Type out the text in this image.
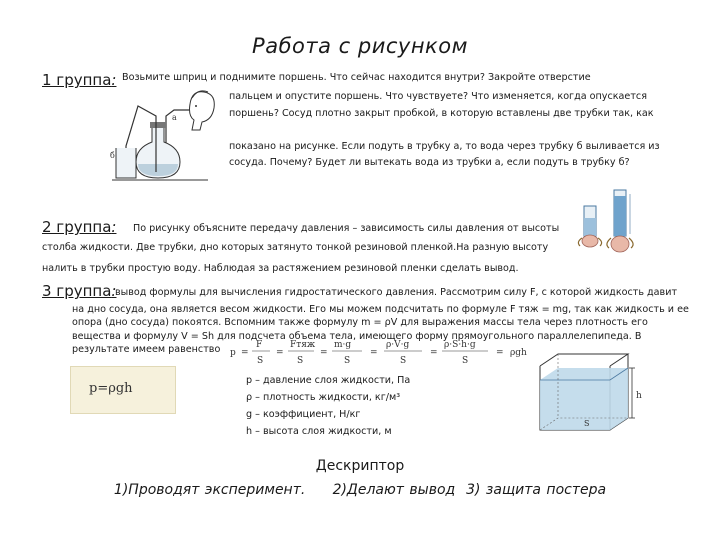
Работа с рисунком
1 группа: Возьмите шприц и поднимите поршень. Что сейчас находится внутри? Закройте отверстие
пальцем и опустите поршень. Что чувствуете? Что изменяется, когда опускается
поршень? Сосуд плотно закрыт пробкой, в которую вставлены две трубки так, как
показано на рисунке. Если подуть в трубку а, то вода через трубку б выливается из
сосуда. Почему? Будет ли вытекать вода из трубки а, если подуть в трубку б?
а
б
2 группа: По рисунку объясните передачу давления – зависимость силы давления от высоты
столба жидкости. Две трубки, дно которых затянуто тонкой резиновой пленкой.На разную высоту
налить в трубки простую воду. Наблюдая за растяжением резиновой пленки сделать вывод.
3 группа:
вывод формулы для вычисления гидростатического давления. Рассмотрим силу F, с которой жидкость давит
на дно сосуда, она является весом жидкости. Его мы можем подсчитать по формуле F тяж = mg, так как жидкость и ее
опора (дно сосуда) покоятся. Вспомним также формулу m = ρV для выражения массы тела через плотность его
вещества и формулу V = Sh для подсчета объема тела, имеющего форму прямоугольного параллелепипеда. В
результате имеем равенство	p =
F
S
=
Fтяж
S
=
m·g
S
=
ρ·V·g
S
=
ρ·S·h·g
S
= ρgh
p=ρgh
p – давление слоя жидкости, Па
ρ – плотность жидкости, кг/м³
g – коэффициент, Н/кг
h – высота слоя жидкости, м
h
S
Дескриптор
1)Проводят эксперимент.     2)Делают вывод  3) защита постера
